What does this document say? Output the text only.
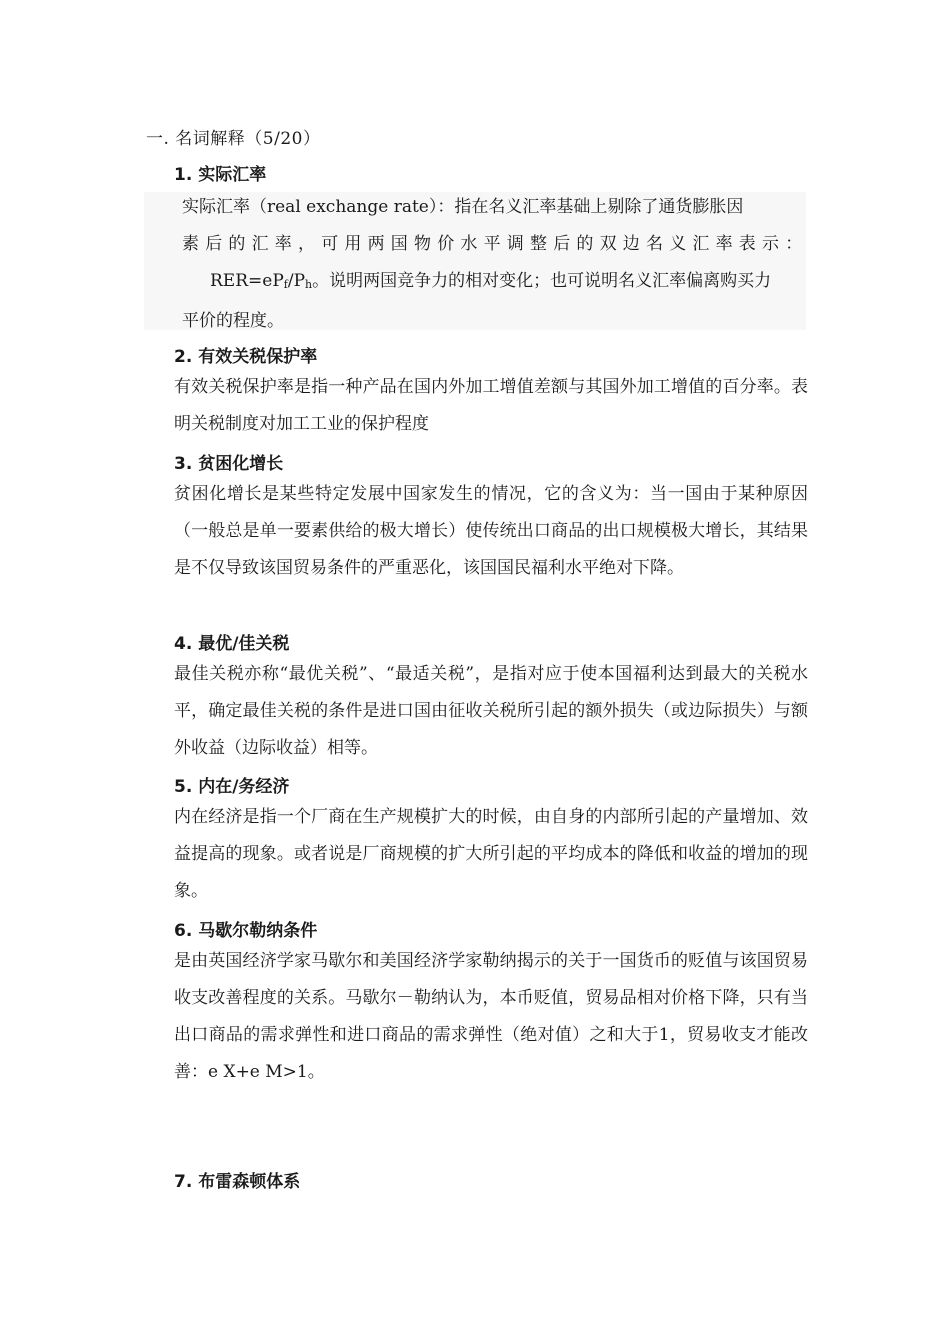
一. 名词解释（5/20）
1. 实际汇率
实际汇率（real exchange rate）：指在名义汇率基础上剔除了通货膨胀因
素后的汇率，可用两国物价水平调整后的双边名义汇率表示：
$RER=eP_f/P_h$。说明两国竞争力的相对变化；也可说明名义汇率偏离购买力
平价的程度。
2. 有效关税保护率
有效关税保护率是指一种产品在国内外加工增值差额与其国外加工增值的百分率。表明关税制度对加工工业的保护程度
3. 贫困化增长
贫困化增长是某些特定发展中国家发生的情况，它的含义为：当一国由于某种原因（一般总是单一要素供给的极大增长）使传统出口商品的出口规模极大增长，其结果是不仅导致该国贸易条件的严重恶化，该国国民福利水平绝对下降。
4. 最优/佳关税
最佳关税亦称“最优关税”、“最适关税”，是指对应于使本国福利达到最大的关税水平，确定最佳关税的条件是进口国由征收关税所引起的额外损失（或边际损失）与额外收益（边际收益）相等。
5. 内在/务经济
内在经济是指一个厂商在生产规模扩大的时候，由自身的内部所引起的产量增加、效益提高的现象。或者说是厂商规模的扩大所引起的平均成本的降低和收益的增加的现象。
6. 马歇尔勒纳条件
是由英国经济学家马歇尔和美国经济学家勒纳揭示的关于一国货币的贬值与该国贸易收支改善程度的关系。马歇尔－勒纳认为，本币贬值，贸易品相对价格下降，只有当出口商品的需求弹性和进口商品的需求弹性（绝对值）之和大于1，贸易收支才能改善：e X+e M>1。
7. 布雷森顿体系
